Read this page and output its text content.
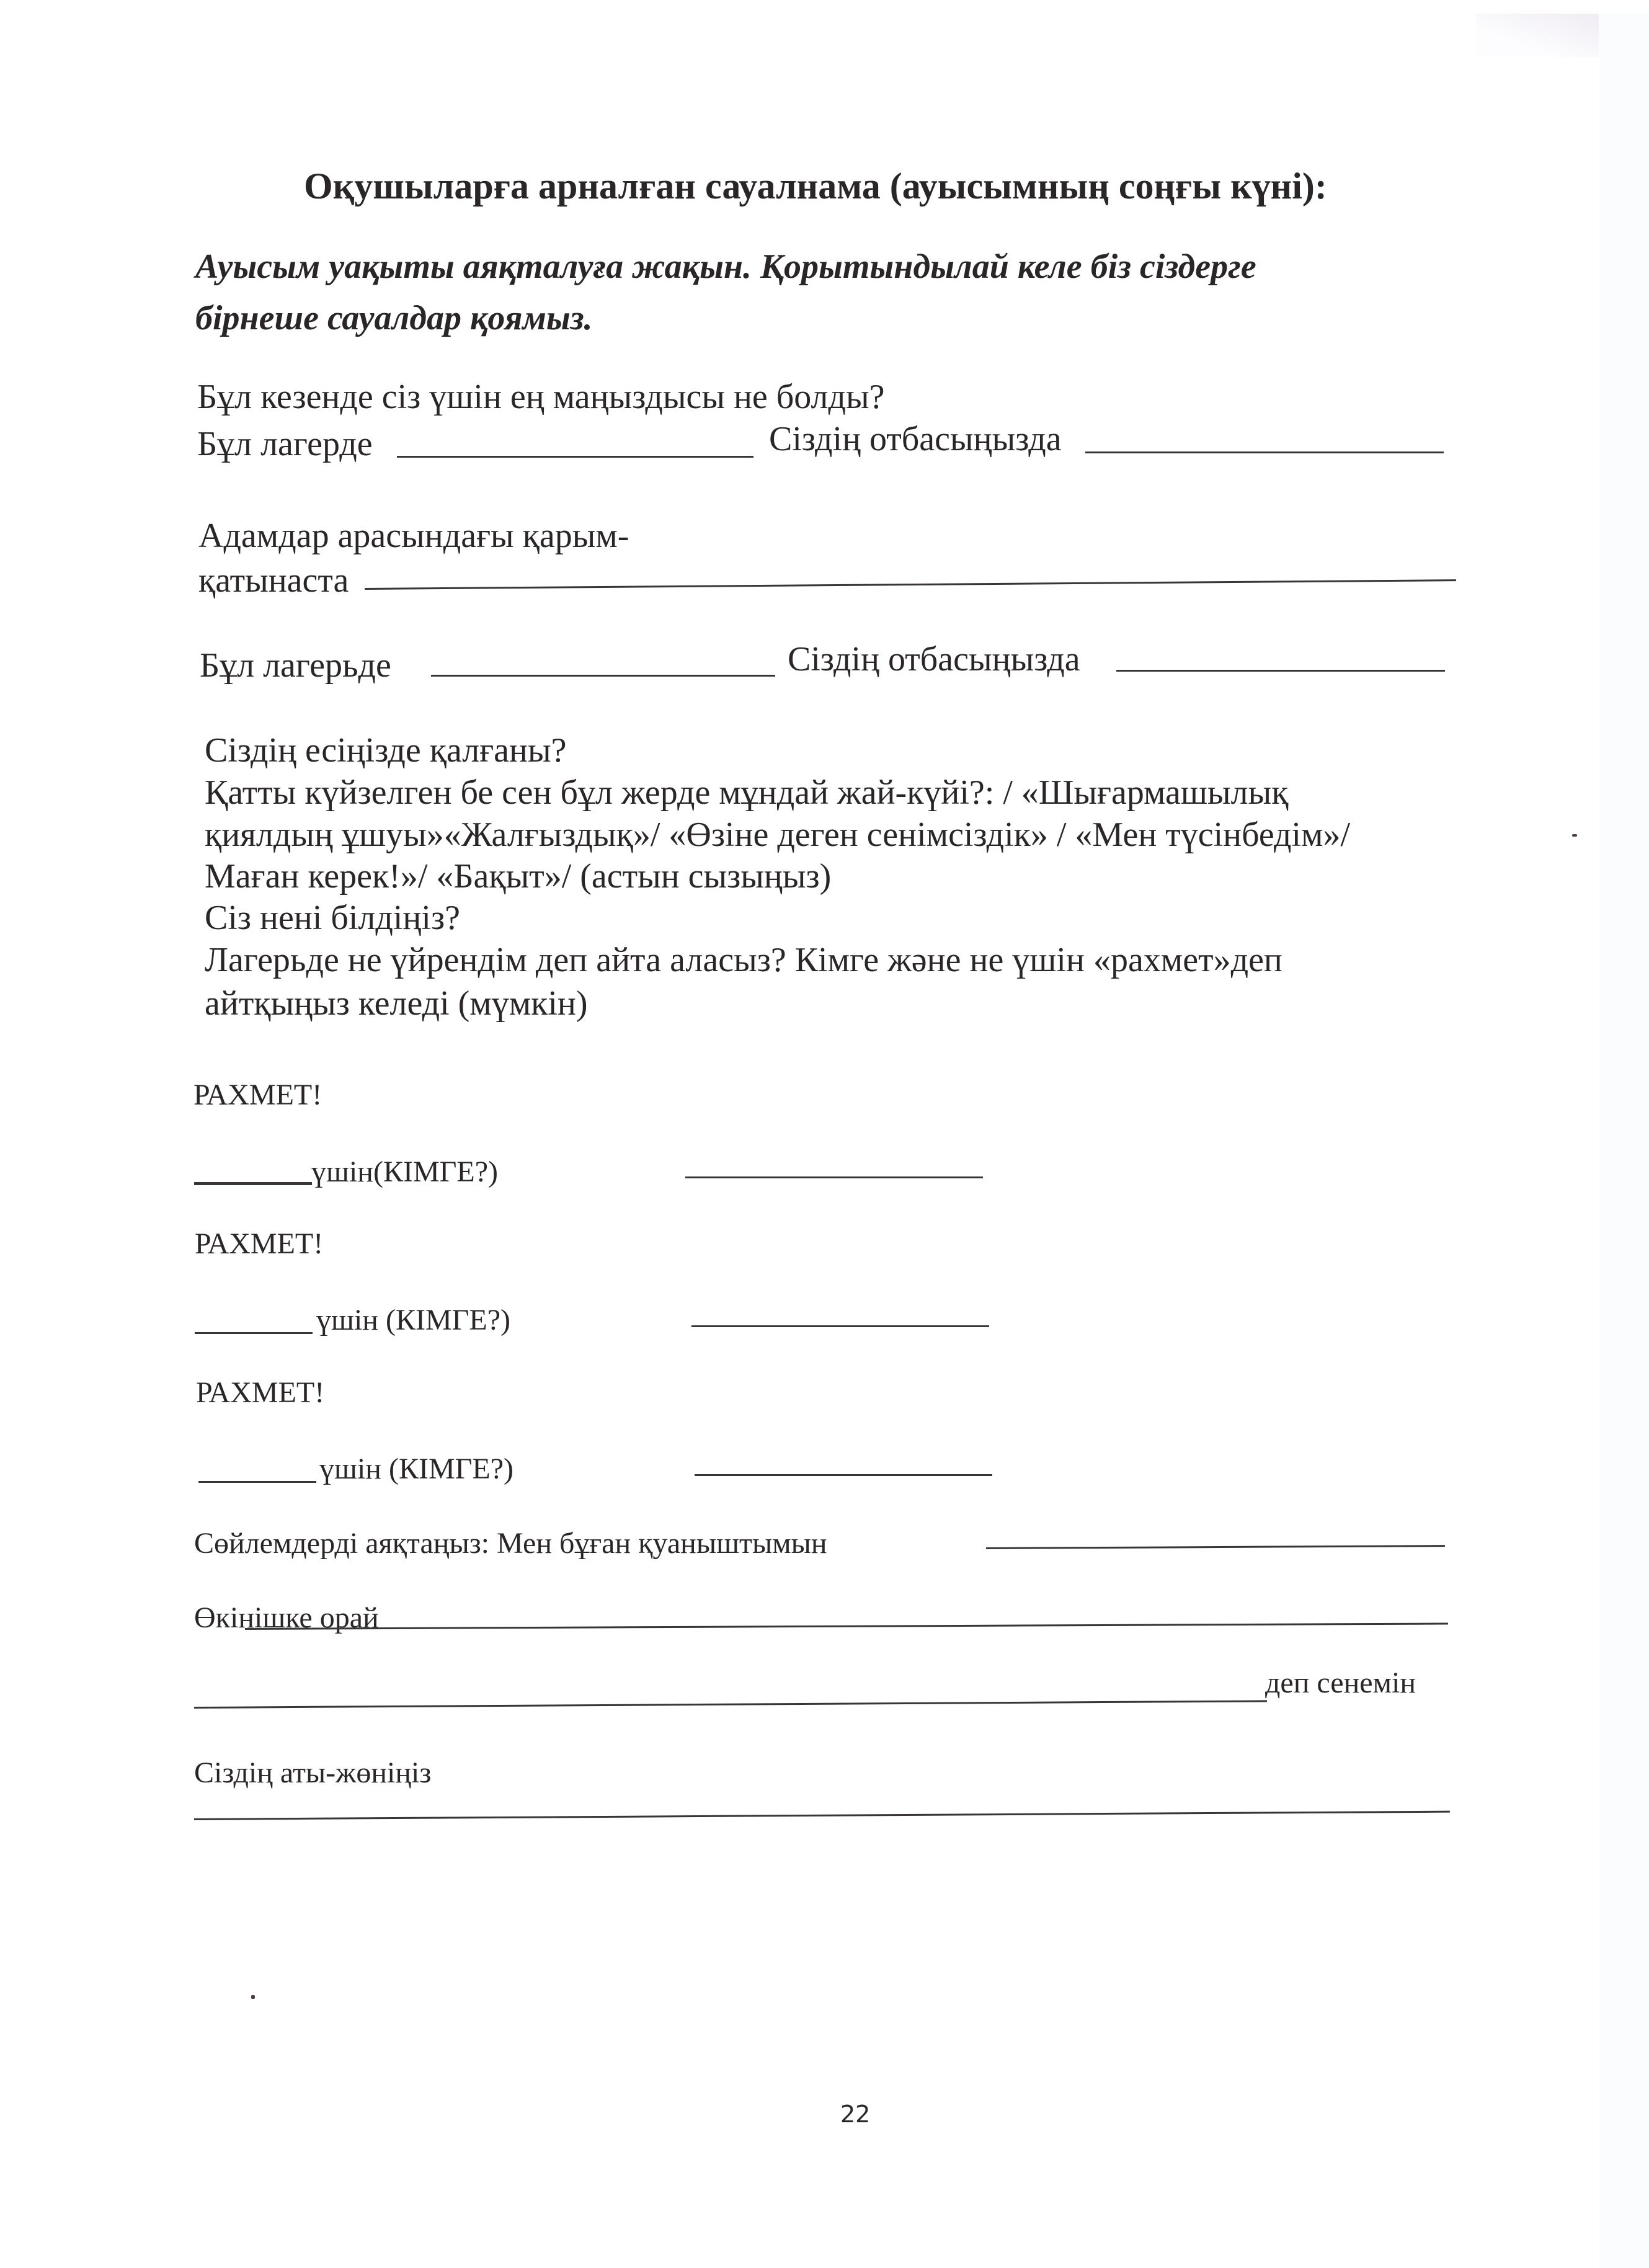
Оқушыларға арналған сауалнама (ауысымның соңғы күні):
Ауысым уақыты аяқталуға жақын. Қорытындылай келе біз сіздерге
бірнеше сауалдар қоямыз.
Бұл кезенде сіз үшін ең маңыздысы не болды?
Бұл лагерде	Сіздің отбасыңызда
Адамдар арасындағы қарым-
қатынаста
Бұл лагерьде	Сіздің отбасыңызда
Сіздің есіңізде қалғаны?
Қатты күйзелген бе сен бұл жерде мұндай жай-күйі?: / «Шығармашылық
қиялдың ұшуы»«Жалғыздық»/ «Өзіне деген сенімсіздік» / «Мен түсінбедім»/
Маған керек!»/ «Бақыт»/ (астын сызыңыз)
Сіз нені білдіңіз?
Лагерьде не үйрендім деп айта аласыз? Кімге және не үшін «рахмет»деп
айтқыңыз келеді (мүмкін)
РАХМЕТ!
үшін(КІМГЕ?)
РАХМЕТ!
үшін (КІМГЕ?)
РАХМЕТ!
үшін (КІМГЕ?)
Сөйлемдерді аяқтаңыз: Мен бұған қуаныштымын
Өкінішке орай
деп сенемін
Сіздің аты-жөніңіз
22
